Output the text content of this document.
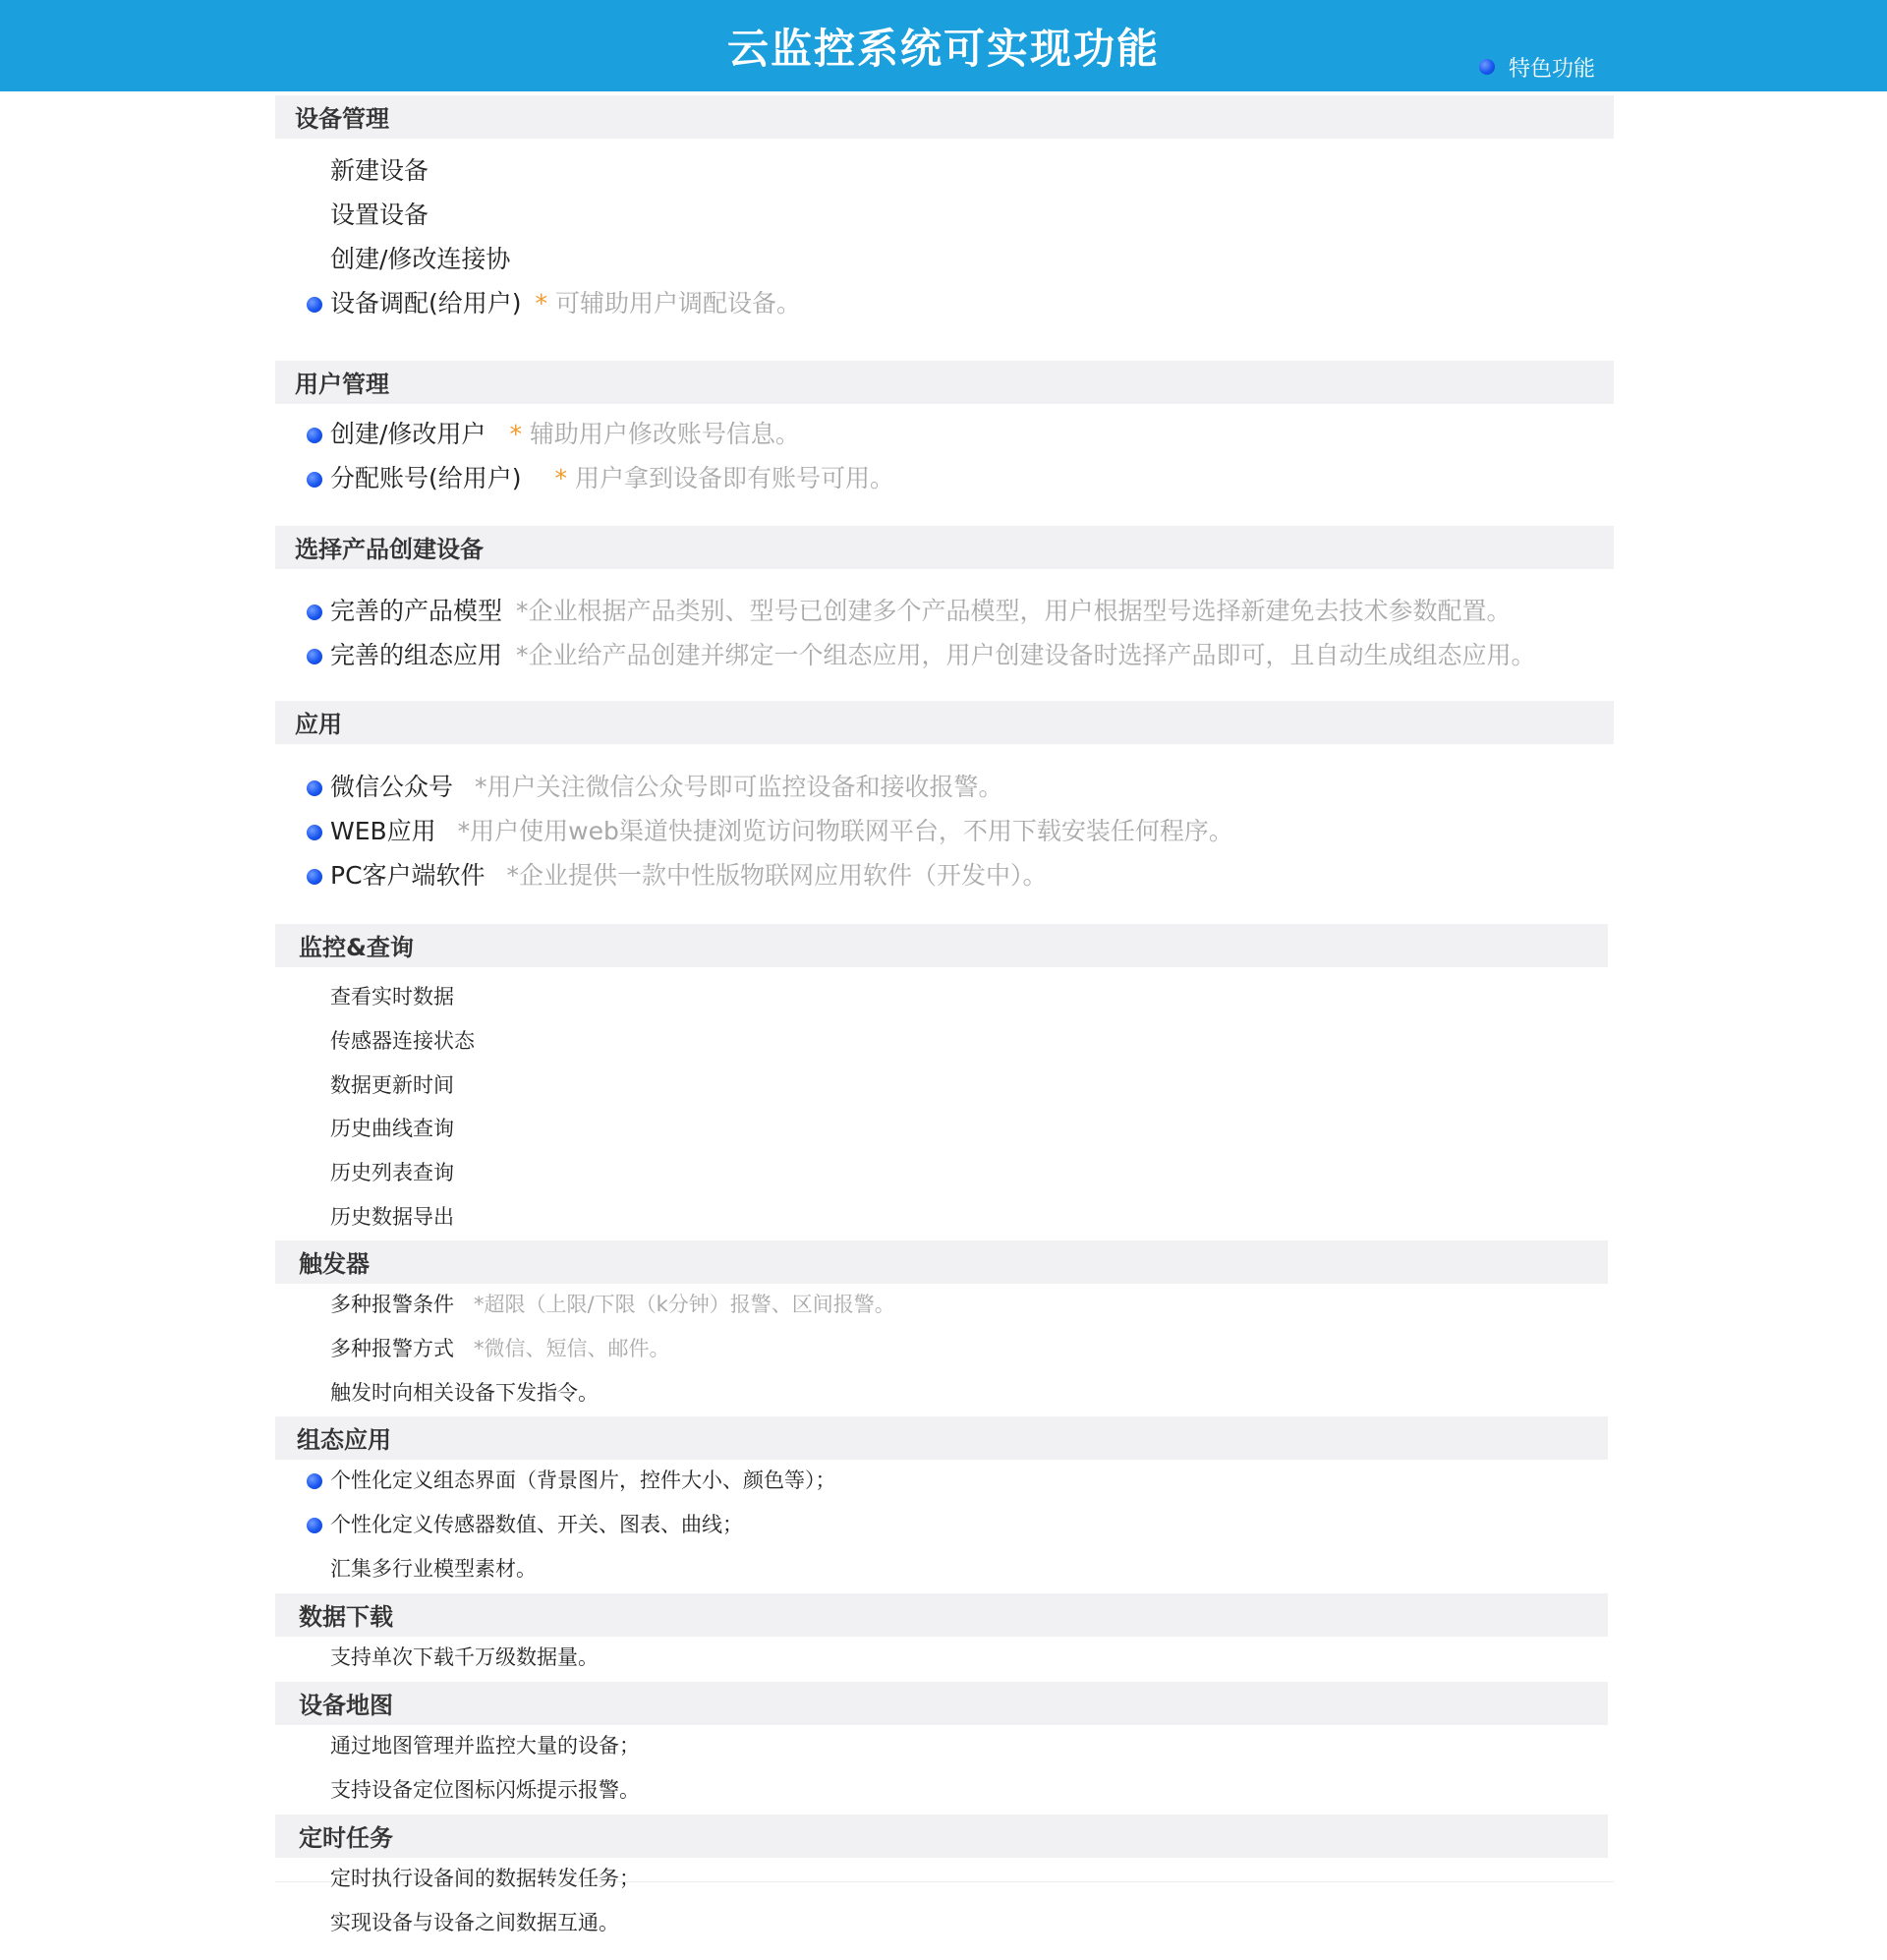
云监控系统可实现功能	特色功能
设备管理
新建设备
设置设备
创建/修改连接协
设备调配(给用户) * 可辅助用户调配设备。
用户管理
创建/修改用户 * 辅助用户修改账号信息。
分配账号(给用户) * 用户拿到设备即有账号可用。
选择产品创建设备
完善的产品模型 *企业根据产品类别、型号已创建多个产品模型，用户根据型号选择新建免去技术参数配置。
完善的组态应用 *企业给产品创建并绑定一个组态应用，用户创建设备时选择产品即可，且自动生成组态应用。
应用
微信公众号 *用户关注微信公众号即可监控设备和接收报警。
WEB应用 *用户使用web渠道快捷浏览访问物联网平台，不用下载安装任何程序。
PC客户端软件 *企业提供一款中性版物联网应用软件（开发中）。
监控&查询
查看实时数据
传感器连接状态
数据更新时间
历史曲线查询
历史列表查询
历史数据导出
触发器
多种报警条件 *超限（上限/下限（k分钟）报警、区间报警。
多种报警方式 *微信、短信、邮件。
触发时向相关设备下发指令。
组态应用
个性化定义组态界面（背景图片，控件大小、颜色等）；
个性化定义传感器数值、开关、图表、曲线；
汇集多行业模型素材。
数据下载
支持单次下载千万级数据量。
设备地图
通过地图管理并监控大量的设备；
支持设备定位图标闪烁提示报警。
定时任务
定时执行设备间的数据转发任务；
实现设备与设备之间数据互通。
